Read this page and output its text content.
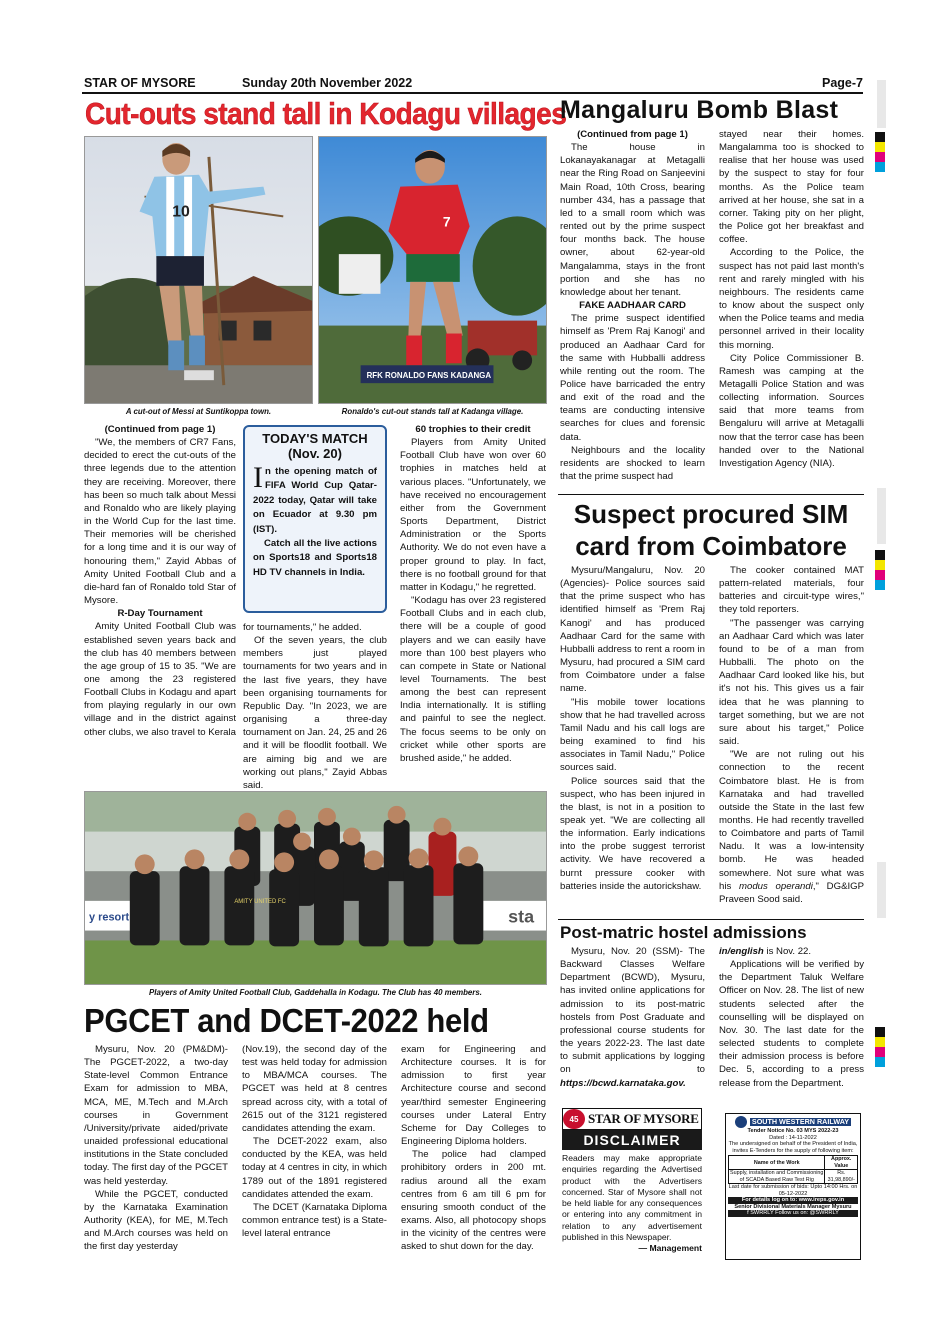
STAR OF MYSORE	Sunday 20th November 2022	Page-7
Cut-outs stand tall in Kodagu villages
10
A cut-out of Messi at Suntikoppa town.
7
RFK RONALDO FANS KADANGA
Ronaldo's cut-out stands tall at Kadanga village.

(Continued from page 1)

"We, the members of CR7 Fans, decided to erect the cut-outs of the three legends due to the attention they are receiving. Moreover, there has been so much talk about Messi and Ronaldo who are likely playing in the World Cup for the last time. Their memories will be cherished for a long time and it is our way of honouring them," Zayid Abbas of Amity United Football Club and a die-hard fan of Ronaldo told Star of Mysore.

R-Day Tournament

Amity United Football Club was established seven years back and the club has 40 members between the age group of 15 to 35. "We are one among the 23 registered Football Clubs in Kodagu and apart from playing regularly in our own village and in the district against other clubs, we also travel to Kerala

TODAY'S MATCH
(Nov. 20)
In the opening match of FIFA World Cup Qatar-2022 today, Qatar will take on Ecuador at 9.30 pm (IST).
Catch all the live actions on Sports18 and Sports18 HD TV channels in India.

for tournaments," he added.

Of the seven years, the club members just played tournaments for two years and in the last five years, they have been organising tournaments for Republic Day. "In 2023, we are organising a three-day tournament on Jan. 24, 25 and 26 and it will be floodlit football. We are aiming big and we are working out plans," Zayid Abbas said.

60 trophies to their credit

Players from Amity United Football Club have won over 60 trophies in matches held at various places. "Unfortunately, we have received no encouragement either from the Government Sports Department, District Administration or the Sports Authority. We do not even have a proper ground to play. In fact, there is no football ground for that matter in Kodagu," he regretted.

"Kodagu has over 23 registered Football Clubs and in each club, there will be a couple of good players and we can easily have more than 100 best players who can compete in State or National level Tournaments. The best among the best can represent India internationally. It is stifling and painful to see the neglect. The focus seems to be only on cricket while other sports are brushed aside," he added.

y resort	sta
AMITY UNITED FC
Players of Amity United Football Club, Gaddehalla in Kodagu. The Club has 40 members.
Mangaluru Bomb Blast

(Continued from page 1)

The house in Lokanayakanagar at Metagalli near the Ring Road on Sanjeevini Main Road, 10th Cross, bearing number 434, has a passage that led to a small room which was rented out by the prime suspect four months back. The house owner, about 62-year-old Mangalamma, stays in the front portion and she has no knowledge about her tenant.

FAKE AADHAAR CARD

The prime suspect identified himself as 'Prem Raj Kanogi' and produced an Aadhaar Card for the same with Hubballi address while renting out the room. The Police have barricaded the entry and exit of the road and the teams are conducting intensive searches for clues and forensic data.

Neighbours and the locality residents are shocked to learn that the prime suspect had

stayed near their homes. Mangalamma too is shocked to realise that her house was used by the suspect to stay for four months. As the Police team arrived at her house, she sat in a corner. Taking pity on her plight, the Police got her breakfast and coffee.

According to the Police, the suspect has not paid last month's rent and rarely mingled with his neighbours. The residents came to know about the suspect only when the Police teams and media personnel arrived in their locality this morning.

City Police Commissioner B. Ramesh was camping at the Metagalli Police Station and was collecting information. Sources said that more teams from Bengaluru will arrive at Metagalli now that the terror case has been handed over to the National Investigation Agency (NIA).

Suspect procured SIM
card from Coimbatore

Mysuru/Mangaluru, Nov. 20 (Agencies)- Police sources said that the prime suspect who has identified himself as 'Prem Raj Kanogi' and has produced Aadhaar Card for the same with Hubballi address to rent a room in Mysuru, had procured a SIM card from Coimbatore under a false name.

"His mobile tower locations show that he had travelled across Tamil Nadu and his call logs are being examined to find his associates in Tamil Nadu," Police sources said.

Police sources said that the suspect, who has been injured in the blast, is not in a position to speak yet. "We are collecting all the information. Early indications into the probe suggest terrorist activity. We have recovered a burnt pressure cooker with batteries inside the autorickshaw.

The cooker contained MAT pattern-related materials, four batteries and circuit-type wires," they told reporters.

"The passenger was carrying an Aadhaar Card which was later found to be of a man from Hubballi. The photo on the Aadhaar Card looked like his, but it's not his. This gives us a fair idea that he was planning to target something, but we are not sure about his target," Police said.

"We are not ruling out his connection to the recent Coimbatore blast. He is from Karnataka and had travelled outside the State in the last few months. He had recently travelled to Coimbatore and parts of Tamil Nadu. It was a low-intensity bomb. He was headed somewhere. Not sure what was his modus operandi," DG&IGP Praveen Sood said.

Post-matric hostel admissions

Mysuru, Nov. 20 (SSM)- The Backward Classes Welfare Department (BCWD), Mysuru, has invited online applications for admission to its post-matric hostels from Post Graduate and professional course students for the years 2022-23. The last date to submit applications by logging on to https://bcwd.karnataka.gov.

in/english is Nov. 22.

Applications will be verified by the Department Taluk Welfare Officer on Nov. 28. The list of new students selected after the counselling will be displayed on Nov. 30. The last date for the selected students to complete their admission process is before Dec. 5, according to a press release from the Department.

45 STAR OF MYSORE
DISCLAIMER
Readers may make appropriate enquiries regarding the Advertised product with the Advertisers concerned. Star of Mysore shall not be held liable for any consequences or entering into any commitment in relation to any advertisement published in this Newspaper.
— Management
SOUTH WESTERN RAILWAY
Tender Notice No. 03 MYS 2022-23
Dated : 14-11-2022
The undersigned on behalf of the President of India, invites E-Tenders for the supply of following item:
Name of the Work	Approx. Value
Supply, installation and Commissioning of SCADA Based Raw Test Rig	Rs. 31,98,890/-
Last date for submission of bids: Upto 14:00 Hrs. on 05-12-2022
For details log on to: www.ireps.gov.in
Senior Divisional Materials Manager Mysuru
f SWRRLY Follow us on: @SWRRLY
PGCET and DCET-2022 held

Mysuru, Nov. 20 (PM&DM)- The PGCET-2022, a two-day State-level Common Entrance Exam for admission to MBA, MCA, ME, M.Tech and M.Arch courses in Government /University/private aided/private unaided professional educational institutions in the State concluded today. The first day of the PGCET was held yesterday.

While the PGCET, conducted by the Karnataka Examination Authority (KEA), for ME, M.Tech and M.Arch courses was held on the first day yesterday

(Nov.19), the second day of the test was held today for admission to MBA/MCA courses. The PGCET was held at 8 centres spread across city, with a total of 2615 out of the 3121 registered candidates attending the exam.

The DCET-2022 exam, also conducted by the KEA, was held today at 4 centres in city, in which 1789 out of the 1891 registered candidates attended the exam.

The DCET (Karnataka Diploma common entrance test) is a State-level lateral entrance

exam for Engineering and Architecture courses. It is for admission to first year Architecture course and second year/third semester Engineering courses under Lateral Entry Scheme for Day Colleges to Engineering Diploma holders.

The police had clamped prohibitory orders in 200 mt. radius around all the exam centres from 6 am till 6 pm for ensuring smooth conduct of the exams. Also, all photocopy shops in the vicinity of the centres were asked to shut down for the day.
